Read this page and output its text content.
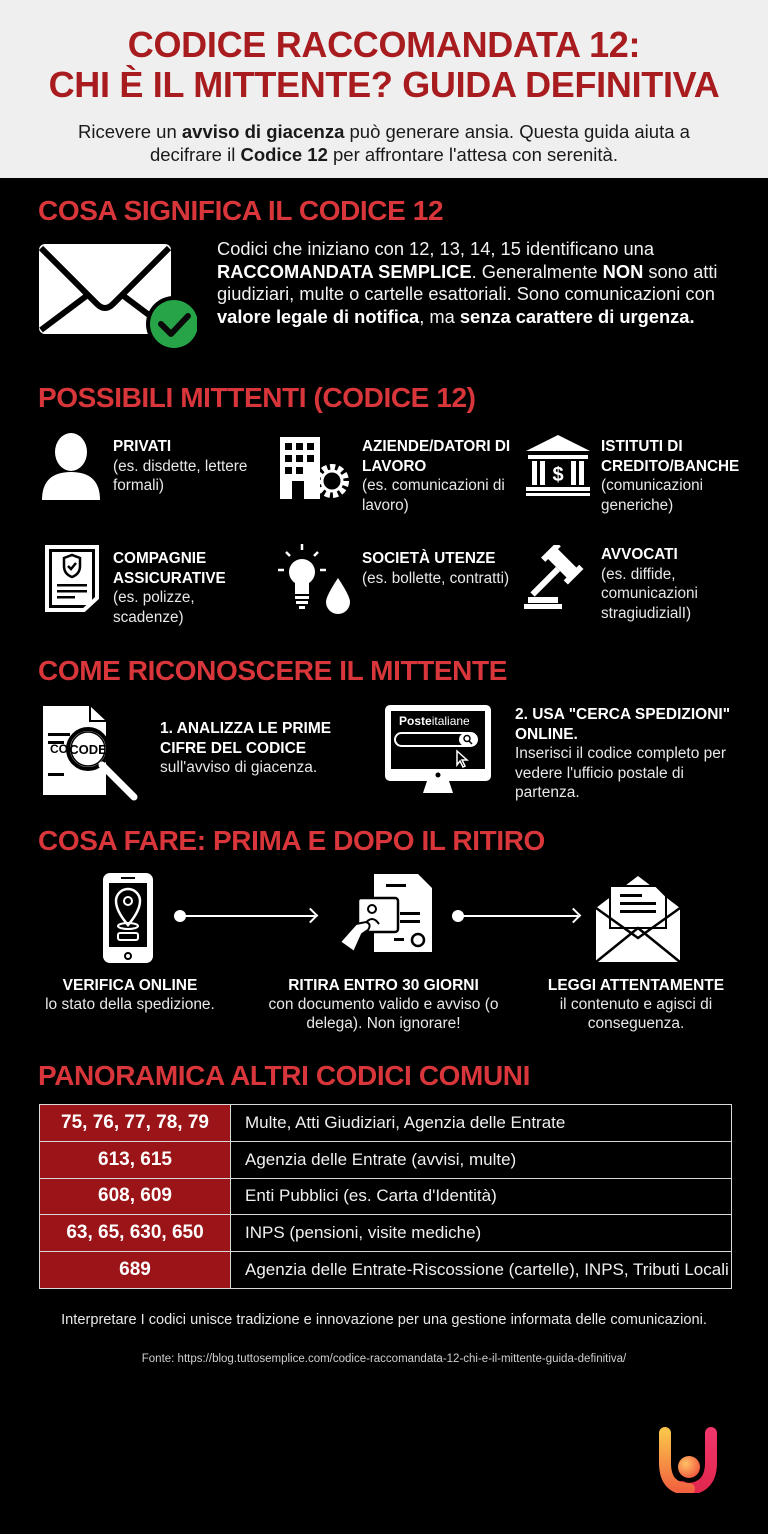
CODICE RACCOMANDATA 12:
CHI È IL MITTENTE? GUIDA DEFINITIVA
Ricevere un avviso di giacenza può generare ansia. Questa guida aiuta a decifrare il Codice 12 per affrontare l'attesa con serenità.
COSA SIGNIFICA IL CODICE 12
Codici che iniziano con 12, 13, 14, 15 identificano una RACCOMANDATA SEMPLICE. Generalmente NON sono atti giudiziari, multe o cartelle esattoriali. Sono comunicazioni con valore legale di notifica, ma senza carattere di urgenza.
POSSIBILI MITTENTI (CODICE 12)
PRIVATI
(es. disdette, lettere formali)
AZIENDE/DATORI DI LAVORO
(es. comunicazioni di lavoro)
$
ISTITUTI DI CREDITO/BANCHE
(comunicazioni generiche)
COMPAGNIE ASSICURATIVE
(es. polizze, scadenze)
SOCIETÀ UTENZE
(es. bollette, contratti)
AVVOCATI
(es. diffide, comunicazioni stragiudizialI)
COME RICONOSCERE IL MITTENTE
CO CODE
1. ANALIZZA LE PRIME CIFRE DEL CODICE
sull'avviso di giacenza.
Posteitaliane	2. USA "CERCA SPEDIZIONI" ONLINE.
Inserisci il codice completo per vedere l'ufficio postale di partenza.
COSA FARE: PRIMA E DOPO IL RITIRO
VERIFICA ONLINE
lo stato della spedizione.
RITIRA ENTRO 30 GIORNI
con documento valido e avviso (o delega). Non ignorare!
LEGGI ATTENTAMENTE
il contenuto e agisci di conseguenza.
PANORAMICA ALTRI CODICI COMUNI
75, 76, 77, 78, 79	Multe, Atti Giudiziari, Agenzia delle Entrate
613, 615	Agenzia delle Entrate (avvisi, multe)
608, 609	Enti Pubblici (es. Carta d'Identità)
63, 65, 630, 650	INPS (pensioni, visite mediche)
689	Agenzia delle Entrate-Riscossione (cartelle), INPS, Tributi Locali
Interpretare I codici unisce tradizione e innovazione per una gestione informata delle comunicazioni.
Fonte: https://blog.tuttosemplice.com/codice-raccomandata-12-chi-e-il-mittente-guida-definitiva/
